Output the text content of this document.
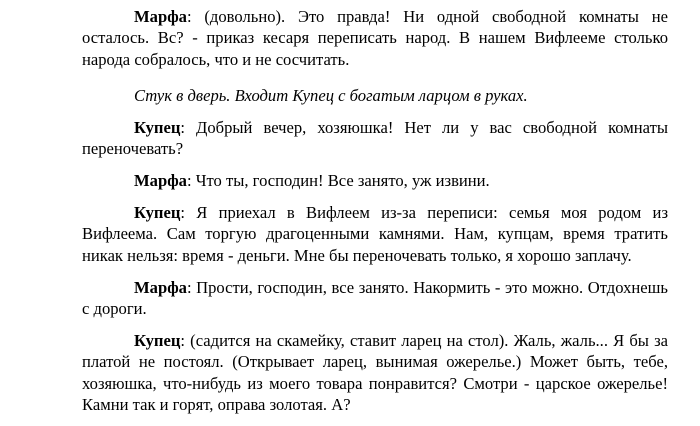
Марфа: (довольно). Это правда! Ни одной свободной комнаты не осталось. Вс? - приказ кесаря переписать народ. В нашем Вифлееме столько народа собралось, что и не сосчитать.

Стук в дверь. Входит Купец с богатым ларцом в руках.

Купец: Добрый вечер, хозяюшка! Нет ли у вас свободной комнаты переночевать?

Марфа: Что ты, господин! Все занято, уж извини.

Купец: Я приехал в Вифлеем из-за переписи: семья моя родом из Вифлеема. Сам торгую драгоценными камнями. Нам, купцам, время тратить никак нельзя: время - деньги. Мне бы переночевать только, я хорошо заплачу.

Марфа: Прости, господин, все занято. Накормить - это можно. Отдохнешь с дороги.

Купец: (садится на скамейку, ставит ларец на стол). Жаль, жаль... Я бы за платой не постоял. (Открывает ларец, вынимая ожерелье.) Может быть, тебе, хозяюшка, что-нибудь из моего товара понравится? Смотри - царское ожерелье! Камни так и горят, оправа золотая. А?
